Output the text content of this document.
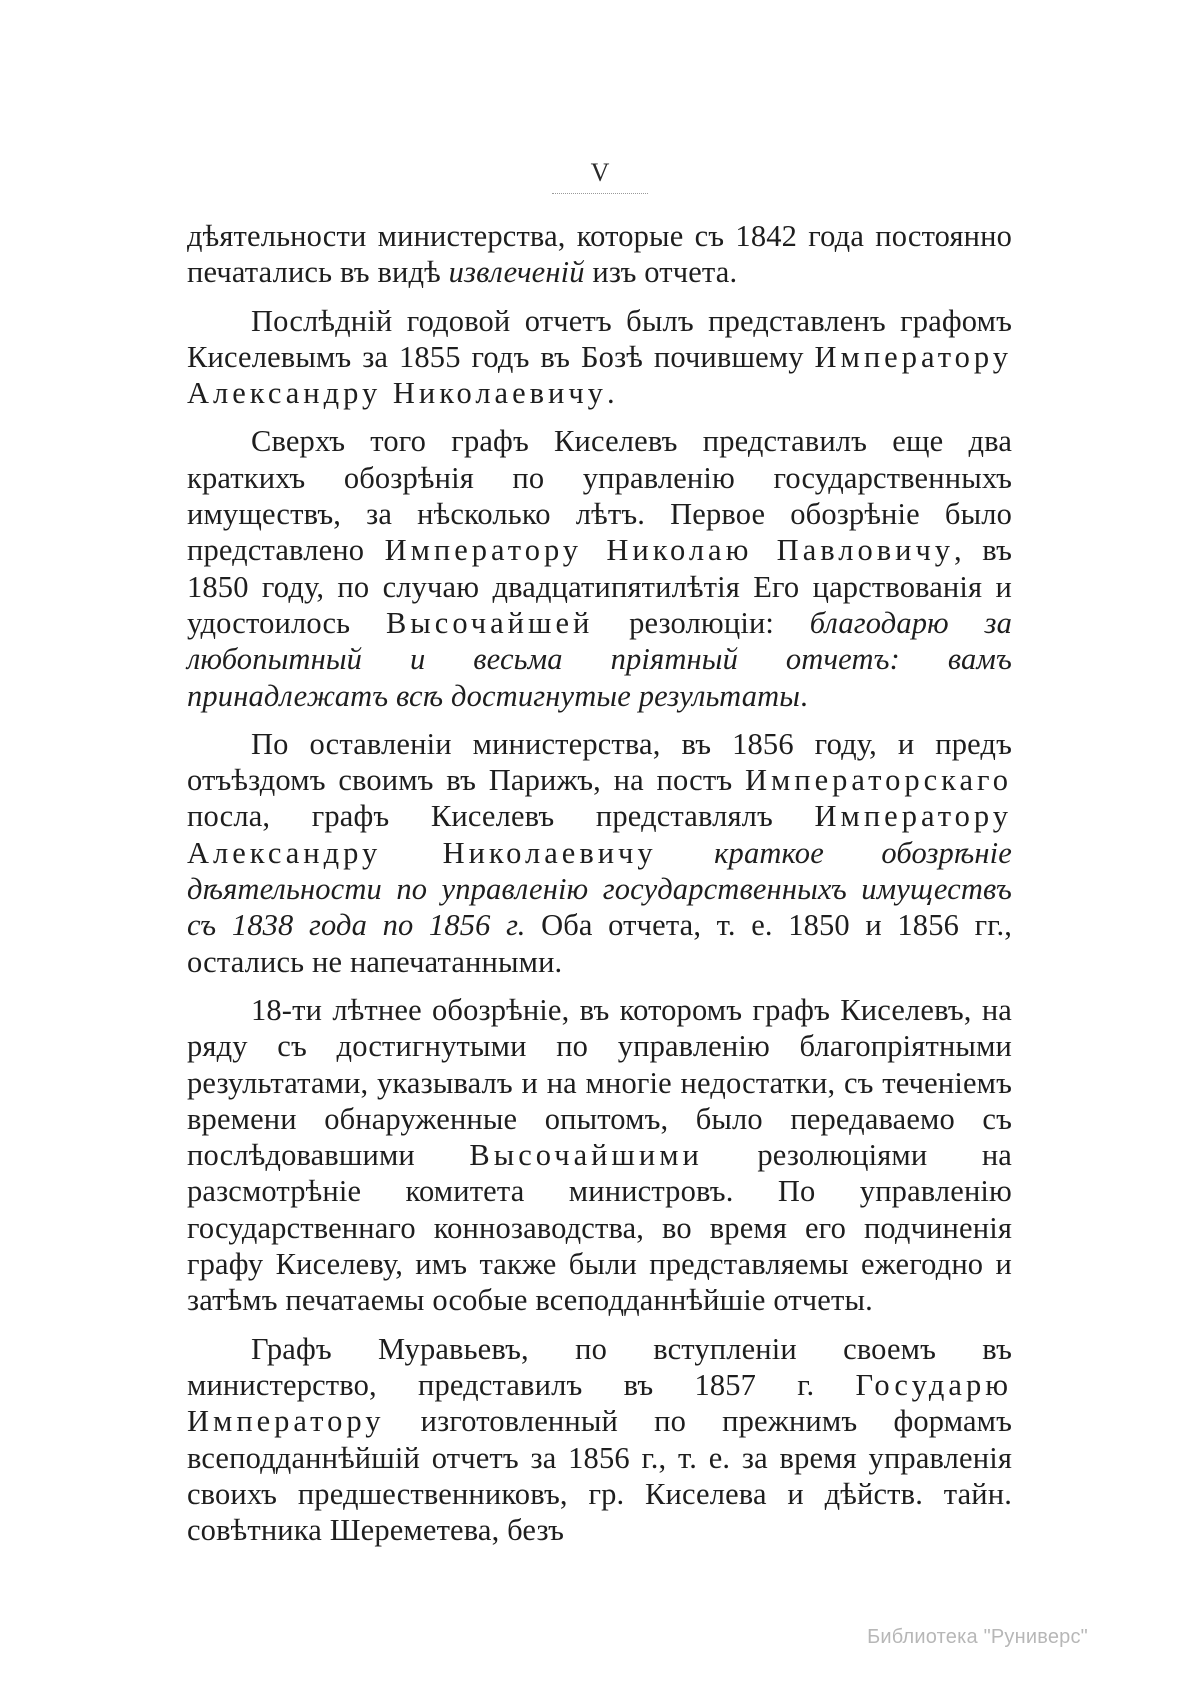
V

дѣятельности министерства, которые съ 1842 года постоянно печатались въ видѣ извлеченій изъ отчета.

Послѣдній годовой отчетъ былъ представленъ графомъ Киселевымъ за 1855 годъ въ Бозѣ почившему Императору Александру Николаевичу.

Сверхъ того графъ Киселевъ представилъ еще два краткихъ обозрѣнія по управленію государственныхъ имуществъ, за нѣсколько лѣтъ. Первое обозрѣніе было представлено Императору Николаю Павловичу, въ 1850 году, по случаю двадцатипятилѣтія Его царствованія и удостоилось Высочайшей резолюціи: благодарю за любопытный и весьма пріятный отчетъ: вамъ принадлежатъ всѣ достигнутые результаты.

По оставленіи министерства, въ 1856 году, и предъ отъѣздомъ своимъ въ Парижъ, на постъ Императорскаго посла, графъ Киселевъ представлялъ Императору Александру Николаевичу краткое обозрѣніе дѣятельности по управленію государственныхъ имуществъ съ 1838 года по 1856 г. Оба отчета, т. е. 1850 и 1856 гг., остались не напечатанными.

18-ти лѣтнее обозрѣніе, въ которомъ графъ Киселевъ, на ряду съ достигнутыми по управленію благопріятными результатами, указывалъ и на многіе недостатки, съ теченіемъ времени обнаруженные опытомъ, было передаваемо съ послѣдовавшими Высочайшими резолюціями на разсмотрѣніе комитета министровъ. По управленію государственнаго коннозаводства, во время его подчиненія графу Киселеву, имъ также были представляемы ежегодно и затѣмъ печатаемы особые всеподданнѣйшіе отчеты.

Графъ Муравьевъ, по вступленіи своемъ въ министерство, представилъ въ 1857 г. Государю Императору изготовленный по прежнимъ формамъ всеподданнѣйшій отчетъ за 1856 г., т. е. за время управленія своихъ предшественниковъ, гр. Киселева и дѣйств. тайн. совѣтника Шереметева, безъ

Библиотека "Руниверс"
